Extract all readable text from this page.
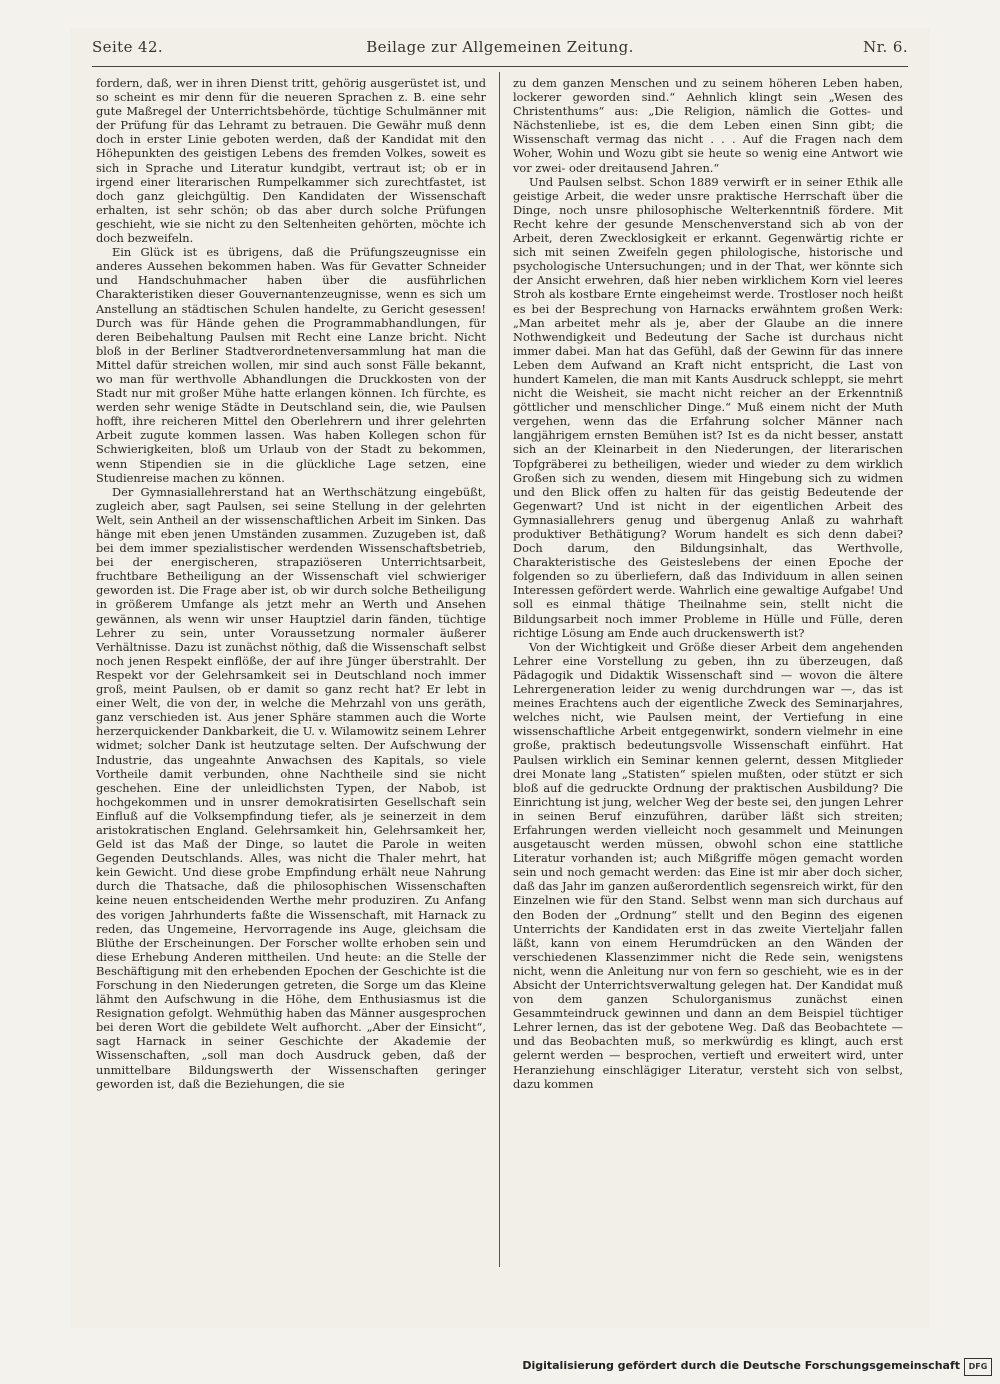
Seite 42.	Beilage zur Allgemeinen Zeitung.	Nr. 6.

fordern, daß, wer in ihren Dienst tritt, gehörig ausgerüstet ist, und so scheint es mir denn für die neueren Sprachen z. B. eine sehr gute Maßregel der Unterrichtsbehörde, tüchtige Schulmänner mit der Prüfung für das Lehramt zu betrauen. Die Gewähr muß denn doch in erster Linie geboten werden, daß der Kandidat mit den Höhepunkten des geistigen Lebens des fremden Volkes, soweit es sich in Sprache und Literatur kundgibt, vertraut ist; ob er in irgend einer literarischen Rumpelkammer sich zurechtfastet, ist doch ganz gleichgültig. Den Kandidaten der Wissenschaft erhalten, ist sehr schön; ob das aber durch solche Prüfungen geschieht, wie sie nicht zu den Seltenheiten gehörten, möchte ich doch bezweifeln.

Ein Glück ist es übrigens, daß die Prüfungszeugnisse ein anderes Aussehen bekommen haben. Was für Gevatter Schneider und Handschuhmacher haben über die ausführlichen Charakteristiken dieser Gouvernantenzeugnisse, wenn es sich um Anstellung an städtischen Schulen handelte, zu Gericht gesessen! Durch was für Hände gehen die Programmabhandlungen, für deren Beibehaltung Paulsen mit Recht eine Lanze bricht. Nicht bloß in der Berliner Stadtverordnetenversammlung hat man die Mittel dafür streichen wollen, mir sind auch sonst Fälle bekannt, wo man für werthvolle Abhandlungen die Druckkosten von der Stadt nur mit großer Mühe hatte erlangen können. Ich fürchte, es werden sehr wenige Städte in Deutschland sein, die, wie Paulsen hofft, ihre reicheren Mittel den Oberlehrern und ihrer gelehrten Arbeit zugute kommen lassen. Was haben Kollegen schon für Schwierigkeiten, bloß um Urlaub von der Stadt zu bekommen, wenn Stipendien sie in die glückliche Lage setzen, eine Studienreise machen zu können.

Der Gymnasiallehrerstand hat an Werthschätzung eingebüßt, zugleich aber, sagt Paulsen, sei seine Stellung in der gelehrten Welt, sein Antheil an der wissenschaftlichen Arbeit im Sinken. Das hänge mit eben jenen Umständen zusammen. Zuzugeben ist, daß bei dem immer spezialistischer werdenden Wissenschaftsbetrieb, bei der energischeren, strapaziöseren Unterrichtsarbeit, fruchtbare Betheiligung an der Wissenschaft viel schwieriger geworden ist. Die Frage aber ist, ob wir durch solche Betheiligung in größerem Umfange als jetzt mehr an Werth und Ansehen gewännen, als wenn wir unser Hauptziel darin fänden, tüchtige Lehrer zu sein, unter Voraussetzung normaler äußerer Verhältnisse. Dazu ist zunächst nöthig, daß die Wissenschaft selbst noch jenen Respekt einflöße, der auf ihre Jünger überstrahlt. Der Respekt vor der Gelehrsamkeit sei in Deutschland noch immer groß, meint Paulsen, ob er damit so ganz recht hat? Er lebt in einer Welt, die von der, in welche die Mehrzahl von uns geräth, ganz verschieden ist. Aus jener Sphäre stammen auch die Worte herzerquickender Dankbarkeit, die U. v. Wilamowitz seinem Lehrer widmet; solcher Dank ist heutzutage selten. Der Aufschwung der Industrie, das ungeahnte Anwachsen des Kapitals, so viele Vortheile damit verbunden, ohne Nachtheile sind sie nicht geschehen. Eine der unleidlichsten Typen, der Nabob, ist hochgekommen und in unsrer demokratisirten Gesellschaft sein Einfluß auf die Volksempfindung tiefer, als je seinerzeit in dem aristokratischen England. Gelehrsamkeit hin, Gelehrsamkeit her, Geld ist das Maß der Dinge, so lautet die Parole in weiten Gegenden Deutschlands. Alles, was nicht die Thaler mehrt, hat kein Gewicht. Und diese grobe Empfindung erhält neue Nahrung durch die Thatsache, daß die philosophischen Wissenschaften keine neuen entscheidenden Werthe mehr produziren. Zu Anfang des vorigen Jahrhunderts faßte die Wissenschaft, mit Harnack zu reden, das Ungemeine, Hervorragende ins Auge, gleichsam die Blüthe der Erscheinungen. Der Forscher wollte erhoben sein und diese Erhebung Anderen mittheilen. Und heute: an die Stelle der Beschäftigung mit den erhebenden Epochen der Geschichte ist die Forschung in den Niederungen getreten, die Sorge um das Kleine lähmt den Aufschwung in die Höhe, dem Enthusiasmus ist die Resignation gefolgt. Wehmüthig haben das Männer ausgesprochen bei deren Wort die gebildete Welt aufhorcht. „Aber der Einsicht“, sagt Harnack in seiner Geschichte der Akademie der Wissenschaften, „soll man doch Ausdruck geben, daß der unmittelbare Bildungswerth der Wissenschaften geringer geworden ist, daß die Beziehungen, die sie

zu dem ganzen Menschen und zu seinem höheren Leben haben, lockerer geworden sind.“ Aehnlich klingt sein „Wesen des Christenthums“ aus: „Die Religion, nämlich die Gottes- und Nächstenliebe, ist es, die dem Leben einen Sinn gibt; die Wissenschaft vermag das nicht . . . Auf die Fragen nach dem Woher, Wohin und Wozu gibt sie heute so wenig eine Antwort wie vor zwei- oder dreitausend Jahren.“

Und Paulsen selbst. Schon 1889 verwirft er in seiner Ethik alle geistige Arbeit, die weder unsre praktische Herrschaft über die Dinge, noch unsre philosophische Welterkenntniß fördere. Mit Recht kehre der gesunde Menschenverstand sich ab von der Arbeit, deren Zwecklosigkeit er erkannt. Gegenwärtig richte er sich mit seinen Zweifeln gegen philologische, historische und psychologische Untersuchungen; und in der That, wer könnte sich der Ansicht erwehren, daß hier neben wirklichem Korn viel leeres Stroh als kostbare Ernte eingeheimst werde. Trostloser noch heißt es bei der Besprechung von Harnacks erwähntem großen Werk: „Man arbeitet mehr als je, aber der Glaube an die innere Nothwendigkeit und Bedeutung der Sache ist durchaus nicht immer dabei. Man hat das Gefühl, daß der Gewinn für das innere Leben dem Aufwand an Kraft nicht entspricht, die Last von hundert Kamelen, die man mit Kants Ausdruck schleppt, sie mehrt nicht die Weisheit, sie macht nicht reicher an der Erkenntniß göttlicher und menschlicher Dinge.“ Muß einem nicht der Muth vergehen, wenn das die Erfahrung solcher Männer nach langjährigem ernsten Bemühen ist? Ist es da nicht besser, anstatt sich an der Kleinarbeit in den Niederungen, der literarischen Topfgräberei zu betheiligen, wieder und wieder zu dem wirklich Großen sich zu wenden, diesem mit Hingebung sich zu widmen und den Blick offen zu halten für das geistig Bedeutende der Gegenwart? Und ist nicht in der eigentlichen Arbeit des Gymnasiallehrers genug und übergenug Anlaß zu wahrhaft produktiver Bethätigung? Worum handelt es sich denn dabei? Doch darum, den Bildungsinhalt, das Werthvolle, Charakteristische des Geisteslebens der einen Epoche der folgenden so zu überliefern, daß das Individuum in allen seinen Interessen gefördert werde. Wahrlich eine gewaltige Aufgabe! Und soll es einmal thätige Theilnahme sein, stellt nicht die Bildungsarbeit noch immer Probleme in Hülle und Fülle, deren richtige Lösung am Ende auch druckenswerth ist?

Von der Wichtigkeit und Größe dieser Arbeit dem angehenden Lehrer eine Vorstellung zu geben, ihn zu überzeugen, daß Pädagogik und Didaktik Wissenschaft sind — wovon die ältere Lehrergeneration leider zu wenig durchdrungen war —, das ist meines Erachtens auch der eigentliche Zweck des Seminarjahres, welches nicht, wie Paulsen meint, der Vertiefung in eine wissenschaftliche Arbeit entgegenwirkt, sondern vielmehr in eine große, praktisch bedeutungsvolle Wissenschaft einführt. Hat Paulsen wirklich ein Seminar kennen gelernt, dessen Mitglieder drei Monate lang „Statisten“ spielen mußten, oder stützt er sich bloß auf die gedruckte Ordnung der praktischen Ausbildung? Die Einrichtung ist jung, welcher Weg der beste sei, den jungen Lehrer in seinen Beruf einzuführen, darüber läßt sich streiten; Erfahrungen werden vielleicht noch gesammelt und Meinungen ausgetauscht werden müssen, obwohl schon eine stattliche Literatur vorhanden ist; auch Mißgriffe mögen gemacht worden sein und noch gemacht werden: das Eine ist mir aber doch sicher, daß das Jahr im ganzen außerordentlich segensreich wirkt, für den Einzelnen wie für den Stand. Selbst wenn man sich durchaus auf den Boden der „Ordnung“ stellt und den Beginn des eigenen Unterrichts der Kandidaten erst in das zweite Vierteljahr fallen läßt, kann von einem Herumdrücken an den Wänden der verschiedenen Klassenzimmer nicht die Rede sein, wenigstens nicht, wenn die Anleitung nur von fern so geschieht, wie es in der Absicht der Unterrichtsverwaltung gelegen hat. Der Kandidat muß von dem ganzen Schulorganismus zunächst einen Gesammteindruck gewinnen und dann an dem Beispiel tüchtiger Lehrer lernen, das ist der gebotene Weg. Daß das Beobachtete — und das Beobachten muß, so merkwürdig es klingt, auch erst gelernt werden — besprochen, vertieft und erweitert wird, unter Heranziehung einschlägiger Literatur, versteht sich von selbst, dazu kommen

Digitalisierung gefördert durch die Deutsche Forschungsgemeinschaft	DFG
